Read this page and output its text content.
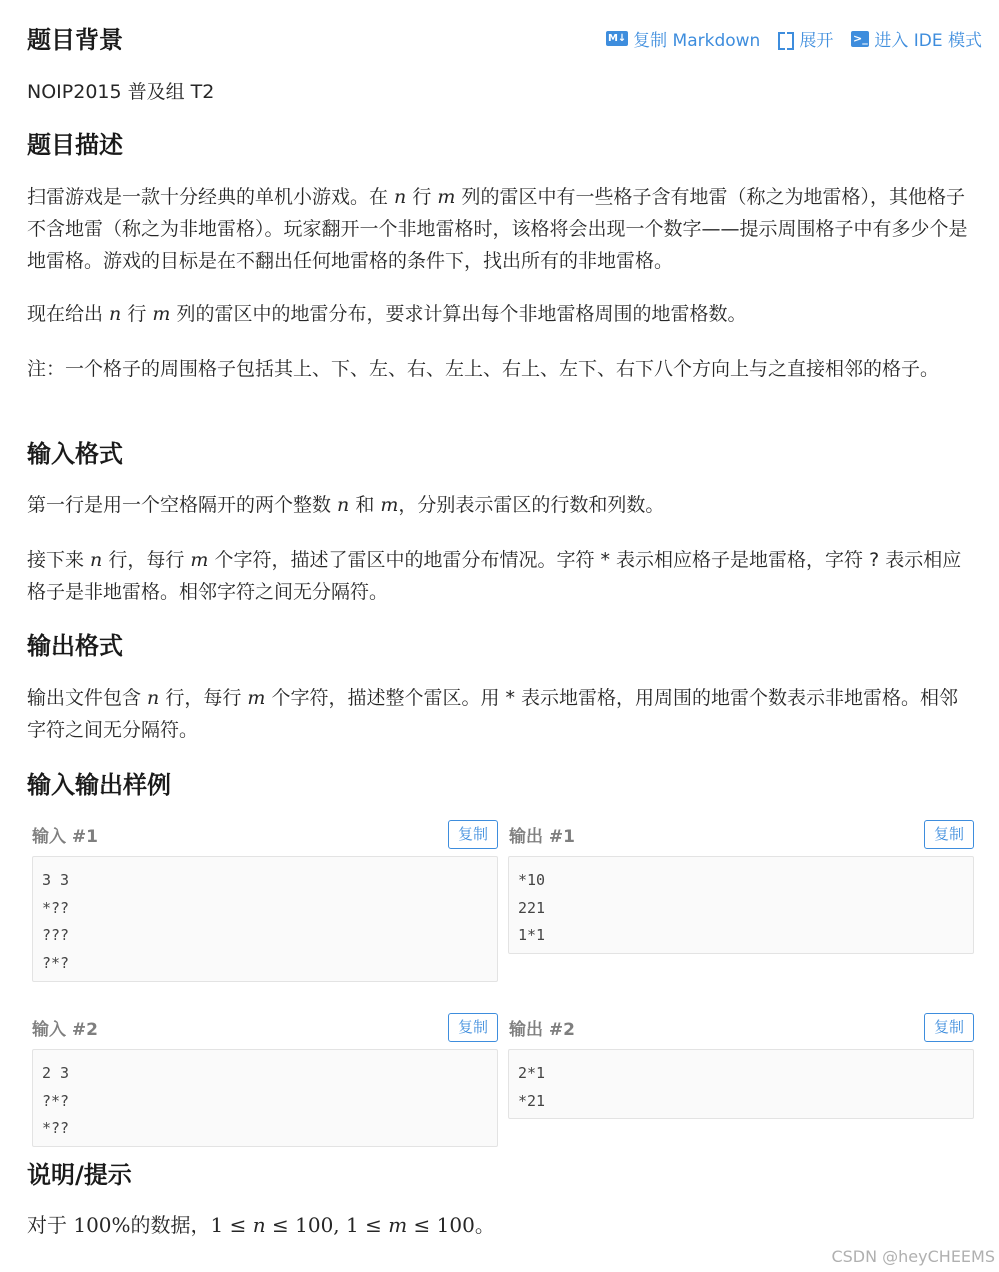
M↓ 复制 Markdown 展开 >_ 进入 IDE 模式
题目背景

NOIP2015 普及组 T2

题目描述

扫雷游戏是一款十分经典的单机小游戏。在 n 行 m 列的雷区中有一些格子含有地雷（称之为地雷格），其他格子不含地雷（称之为非地雷格）。玩家翻开一个非地雷格时，该格将会出现一个数字——提示周围格子中有多少个是地雷格。游戏的目标是在不翻出任何地雷格的条件下，找出所有的非地雷格。

现在给出 n 行 m 列的雷区中的地雷分布，要求计算出每个非地雷格周围的地雷格数。

注：一个格子的周围格子包括其上、下、左、右、左上、右上、左下、右下八个方向上与之直接相邻的格子。

输入格式

第一行是用一个空格隔开的两个整数 n 和 m，分别表示雷区的行数和列数。

接下来 n 行，每行 m 个字符，描述了雷区中的地雷分布情况。字符 * 表示相应格子是地雷格，字符 ? 表示相应格子是非地雷格。相邻字符之间无分隔符。

输出格式

输出文件包含 n 行，每行 m 个字符，描述整个雷区。用 * 表示地雷格，用周围的地雷个数表示非地雷格。相邻字符之间无分隔符。

输入输出样例
输入 #1	复制
3 3
*??
???
?*?
输出 #1	复制
*10
221
1*1
输入 #2	复制
2 3
?*?
*??
输出 #2	复制
2*1
*21
说明/提示

对于 100%的数据，1 ≤ n ≤ 100, 1 ≤ m ≤ 100。

CSDN @heyCHEEMS
